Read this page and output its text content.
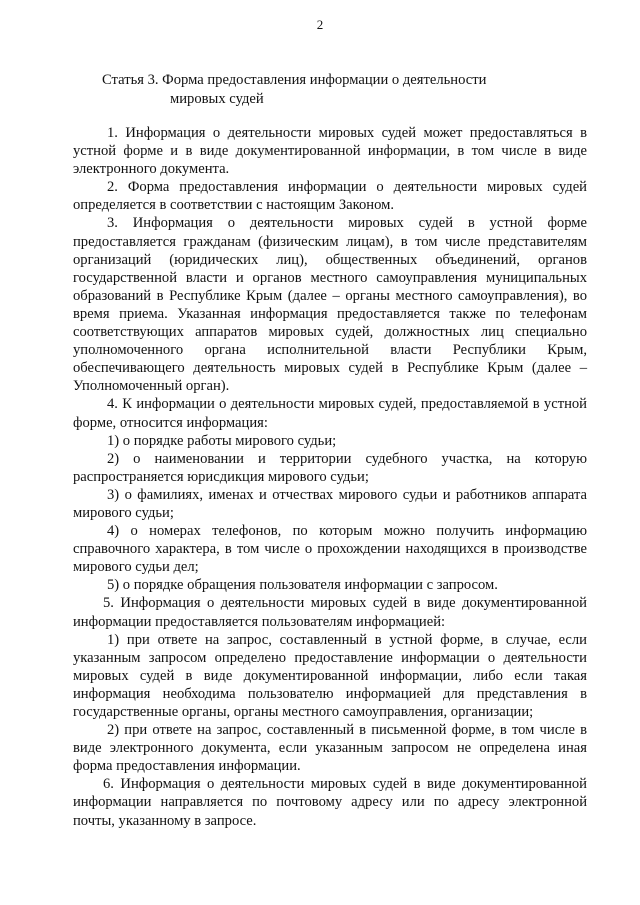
2
Статья 3. Форма предоставления информации о деятельности
мировых судей

1. Информация о деятельности мировых судей может предоставляться в устной форме и в виде документированной информации, в том числе в виде электронного документа.

2. Форма предоставления информации о деятельности мировых судей определяется в соответствии с настоящим Законом.

3. Информация о деятельности мировых судей в устной форме предоставляется гражданам (физическим лицам), в том числе представителям организаций (юридических лиц), общественных объединений, органов государственной власти и органов местного самоуправления муниципальных образований в Республике Крым (далее – органы местного самоуправления), во время приема. Указанная информация предоставляется также по телефонам соответствующих аппаратов мировых судей, должностных лиц специально уполномоченного органа исполнительной власти Республики Крым, обеспечивающего деятельность мировых судей в Республике Крым (далее – Уполномоченный орган).

4. К информации о деятельности мировых судей, предоставляемой в устной форме, относится информация:

1) о порядке работы мирового судьи;

2) о наименовании и территории судебного участка, на которую распространяется юрисдикция мирового судьи;

3) о фамилиях, именах и отчествах мирового судьи и работников аппарата мирового судьи;

4) о номерах телефонов, по которым можно получить информацию справочного характера, в том числе о прохождении находящихся в производстве мирового судьи дел;

5) о порядке обращения пользователя информации с запросом.

5. Информация о деятельности мировых судей в виде документированной информации предоставляется пользователям информацией:

1) при ответе на запрос, составленный в устной форме, в случае, если указанным запросом определено предоставление информации о деятельности мировых судей в виде документированной информации, либо если такая информация необходима пользователю информацией для представления в государственные органы, органы местного самоуправления, организации;

2) при ответе на запрос, составленный в письменной форме, в том числе в виде электронного документа, если указанным запросом не определена иная форма предоставления информации.

6. Информация о деятельности мировых судей в виде документированной информации направляется по почтовому адресу или по адресу электронной почты, указанному в запросе.
